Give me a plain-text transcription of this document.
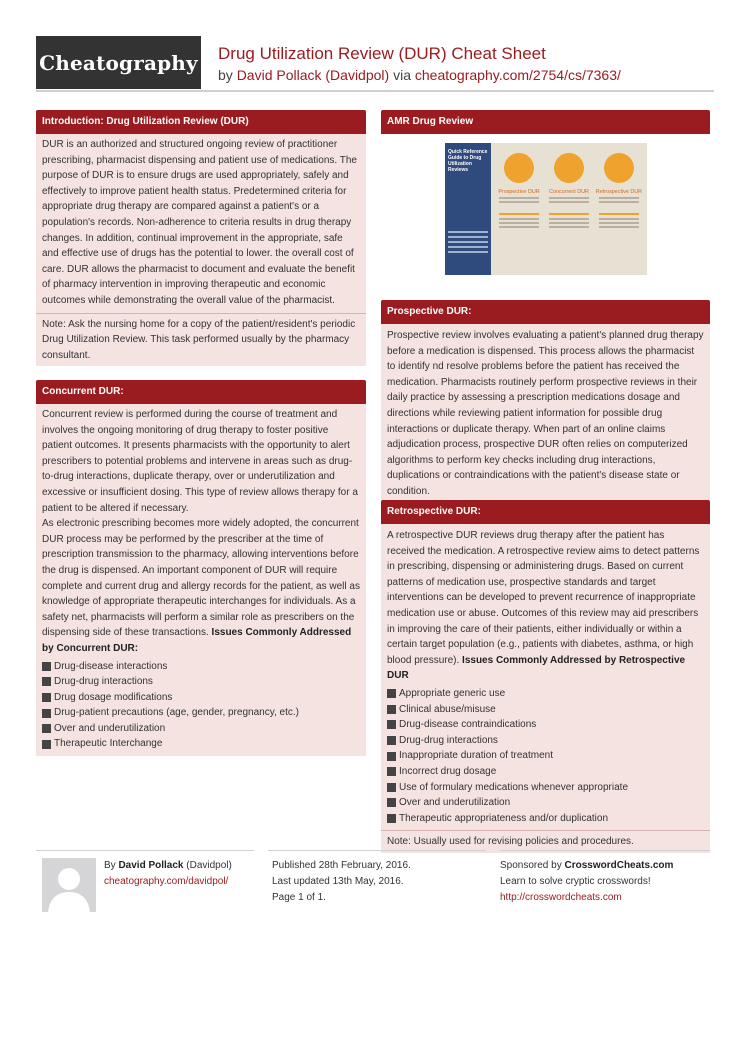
Cheatography Drug Utilization Review (DUR) Cheat Sheet
by David Pollack (Davidpol) via cheatography.com/2754/cs/7363/
Introduction: Drug Utilization Review (DUR)
DUR is an authorized and structured ongoing review of practitioner prescribing, pharmacist dispensing and patient use of medications. The purpose of DUR is to ensure drugs are used appropriately, safely and effectively to improve patient health status. Predetermined criteria for appropriate drug therapy are compared against a patient's or a population's records. Non-adherence to criteria results in drug therapy changes. In addition, continual improvement in the appropriate, safe and effective use of drugs has the potential to lower. the overall cost of care. DUR allows the pharmacist to document and evaluate the benefit of pharmacy intervention in improving therapeutic and economic outcomes while demonstrating the overall value of the pharmacist.
Note: Ask the nursing home for a copy of the patient/resident's periodic Drug Utilization Review. This task performed usually by the pharmacy consultant.
Concurrent DUR:
Concurrent review is performed during the course of treatment and involves the ongoing monitoring of drug therapy to foster positive patient outcomes. It presents pharmacists with the opportunity to alert prescribers to potential problems and intervene in areas such as drug-to-drug interactions, duplicate therapy, over or underutilization and excessive or insufficient dosing. This type of review allows therapy for a patient to be altered if necessary.
As electronic prescribing becomes more widely adopted, the concurrent DUR process may be performed by the prescriber at the time of prescription transmission to the pharmacy, allowing interventions before the drug is dispensed. An important component of DUR will require complete and current drug and allergy records for the patient, as well as knowledge of appropriate therapeutic interchanges for individuals. As a safety net, pharmacists will perform a similar role as prescribers on the dispensing side of these transactions. Issues Commonly Addressed by Concurrent DUR:
Drug-disease interactions
Drug-drug interactions
Drug dosage modifications
Drug-patient precautions (age, gender, pregnancy, etc.)
Over and underutilization
Therapeutic Interchange
AMR Drug Review
Quick Reference Guide to Drug Utilization Reviews
Prospective DUR	Concurrent DUR	Retrospective DUR
Prospective DUR:
Prospective review involves evaluating a patient's planned drug therapy before a medication is dispensed. This process allows the pharmacist to identify nd resolve problems before the patient has received the medication. Pharmacists routinely perform prospective reviews in their daily practice by assessing a prescription medications dosage and directions while reviewing patient information for possible drug interactions or duplicate therapy. When part of an online claims adjudication process, prospective DUR often relies on computerized algorithms to perform key checks including drug interactions, duplications or contraindications with the patient's disease state or condition.
Retrospective DUR:
A retrospective DUR reviews drug therapy after the patient has received the medication. A retrospective review aims to detect patterns in prescribing, dispensing or administering drugs. Based on current patterns of medication use, prospective standards and target interventions can be developed to prevent recurrence of inappropriate medication use or abuse. Outcomes of this review may aid prescribers in improving the care of their patients, either individually or within a certain target population (e.g., patients with diabetes, asthma, or high blood pressure). Issues Commonly Addressed by Retrospective DUR
Appropriate generic use
Clinical abuse/misuse
Drug-disease contraindications
Drug-drug interactions
Inappropriate duration of treatment
Incorrect drug dosage
Use of formulary medications whenever appropriate
Over and underutilization
Therapeutic appropriateness and/or duplication
Note: Usually used for revising policies and procedures.
By David Pollack (Davidpol)
cheatography.com/davidpol/
Published 28th February, 2016.
Last updated 13th May, 2016.
Page 1 of 1.
Sponsored by CrosswordCheats.com
Learn to solve cryptic crosswords!
http://crosswordcheats.com
